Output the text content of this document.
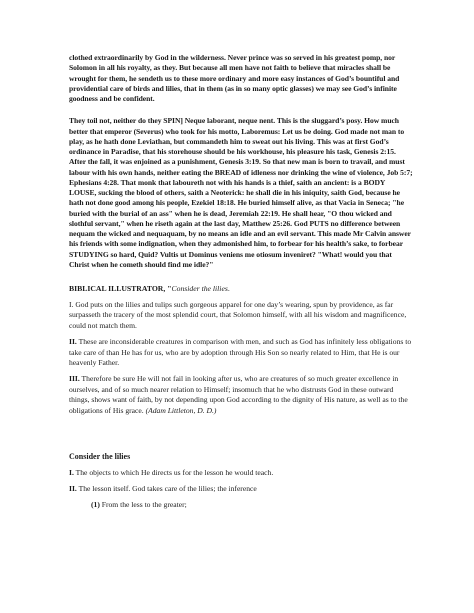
clothed extraordinarily by God in the wilderness. Never prince was so served in his greatest pomp, nor Solomon in all his royalty, as they. But because all men have not faith to believe that miracles shall be wrought for them, he sendeth us to these more ordinary and more easy instances of God’s bountiful and providential care of birds and lilies, that in them (as in so many optic glasses) we may see God’s infinite goodness and be confident.

They toil not, neither do they SPIN] Neque laborant, neque nent. This is the sluggard’s posy. How much better that emperor (Severus) who took for his motto, Laboremus: Let us be doing. God made not man to play, as he hath done Leviathan, but commandeth him to sweat out his living. This was at first God’s ordinance in Paradise, that his storehouse should be his workhouse, his pleasure his task, Genesis 2:15. After the fall, it was enjoined as a punishment, Genesis 3:19. So that new man is born to travail, and must labour with his own hands, neither eating the BREAD of idleness nor drinking the wine of violence, Job 5:7; Ephesians 4:28. That monk that laboureth not with his hands is a thief, saith an ancient: is a BODY LOUSE, sucking the blood of others, saith a Neoterick: he shall die in his iniquity, saith God, because he hath not done good among his people, Ezekiel 18:18. He buried himself alive, as that Vacia in Seneca; "he buried with the burial of an ass" when he is dead, Jeremiah 22:19. He shall hear, "O thou wicked and slothful servant," when he riseth again at the last day, Matthew 25:26. God PUTS no difference between nequam the wicked and nequaquam, by no means an idle and an evil servant. This made Mr Calvin answer his friends with some indignation, when they admonished him, to forbear for his health’s sake, to forbear STUDYING so hard, Quid? Vultis ut Dominus veniens me otiosum inveniret? "What! would you that Christ when he cometh should find me idle?"

BIBLICAL ILLUSTRATOR, "Consider the lilies.

I. God puts on the lilies and tulips such gorgeous apparel for one day’s wearing, spun by providence, as far surpasseth the tracery of the most splendid court, that Solomon himself, with all his wisdom and magnificence, could not match them.

II. These are inconsiderable creatures in comparison with men, and such as God has infinitely less obligations to take care of than He has for us, who are by adoption through His Son so nearly related to Him, that He is our heavenly Father.

III. Therefore be sure He will not fail in looking after us, who are creatures of so much greater excellence in ourselves, and of so much nearer relation to Himself; insomuch that he who distrusts God in these outward things, shows want of faith, by not depending upon God according to the dignity of His nature, as well as to the obligations of His grace. (Adam Littleton, D. D.)

Consider the lilies

I. The objects to which He directs us for the lesson he would teach.

II. The lesson itself. God takes care of the lilies; the inference

(1) From the less to the greater;
